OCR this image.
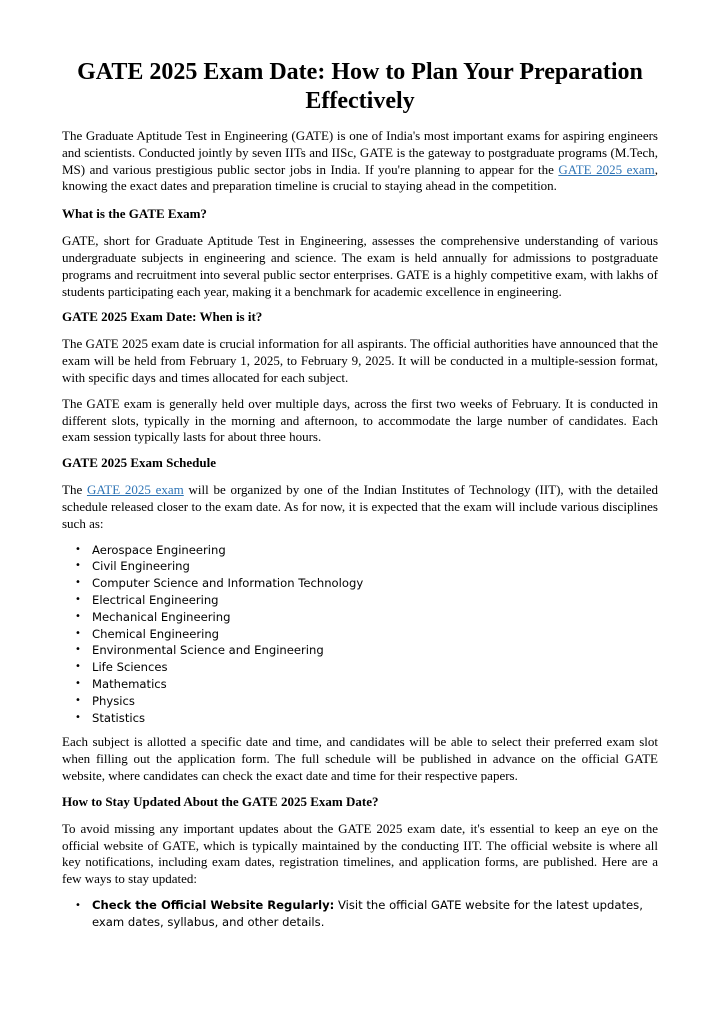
GATE 2025 Exam Date: How to Plan Your Preparation Effectively

The Graduate Aptitude Test in Engineering (GATE) is one of India's most important exams for aspiring engineers and scientists. Conducted jointly by seven IITs and IISc, GATE is the gateway to postgraduate programs (M.Tech, MS) and various prestigious public sector jobs in India. If you're planning to appear for the GATE 2025 exam, knowing the exact dates and preparation timeline is crucial to staying ahead in the competition.

What is the GATE Exam?

GATE, short for Graduate Aptitude Test in Engineering, assesses the comprehensive understanding of various undergraduate subjects in engineering and science. The exam is held annually for admissions to postgraduate programs and recruitment into several public sector enterprises. GATE is a highly competitive exam, with lakhs of students participating each year, making it a benchmark for academic excellence in engineering.

GATE 2025 Exam Date: When is it?

The GATE 2025 exam date is crucial information for all aspirants. The official authorities have announced that the exam will be held from February 1, 2025, to February 9, 2025. It will be conducted in a multiple-session format, with specific days and times allocated for each subject.

The GATE exam is generally held over multiple days, across the first two weeks of February. It is conducted in different slots, typically in the morning and afternoon, to accommodate the large number of candidates. Each exam session typically lasts for about three hours.

GATE 2025 Exam Schedule

The GATE 2025 exam will be organized by one of the Indian Institutes of Technology (IIT), with the detailed schedule released closer to the exam date. As for now, it is expected that the exam will include various disciplines such as:

• Aerospace Engineering
• Civil Engineering
• Computer Science and Information Technology
• Electrical Engineering
• Mechanical Engineering
• Chemical Engineering
• Environmental Science and Engineering
• Life Sciences
• Mathematics
• Physics
• Statistics

Each subject is allotted a specific date and time, and candidates will be able to select their preferred exam slot when filling out the application form. The full schedule will be published in advance on the official GATE website, where candidates can check the exact date and time for their respective papers.

How to Stay Updated About the GATE 2025 Exam Date?

To avoid missing any important updates about the GATE 2025 exam date, it's essential to keep an eye on the official website of GATE, which is typically maintained by the conducting IIT. The official website is where all key notifications, including exam dates, registration timelines, and application forms, are published. Here are a few ways to stay updated:

• Check the Official Website Regularly: Visit the official GATE website for the latest updates, exam dates, syllabus, and other details.
